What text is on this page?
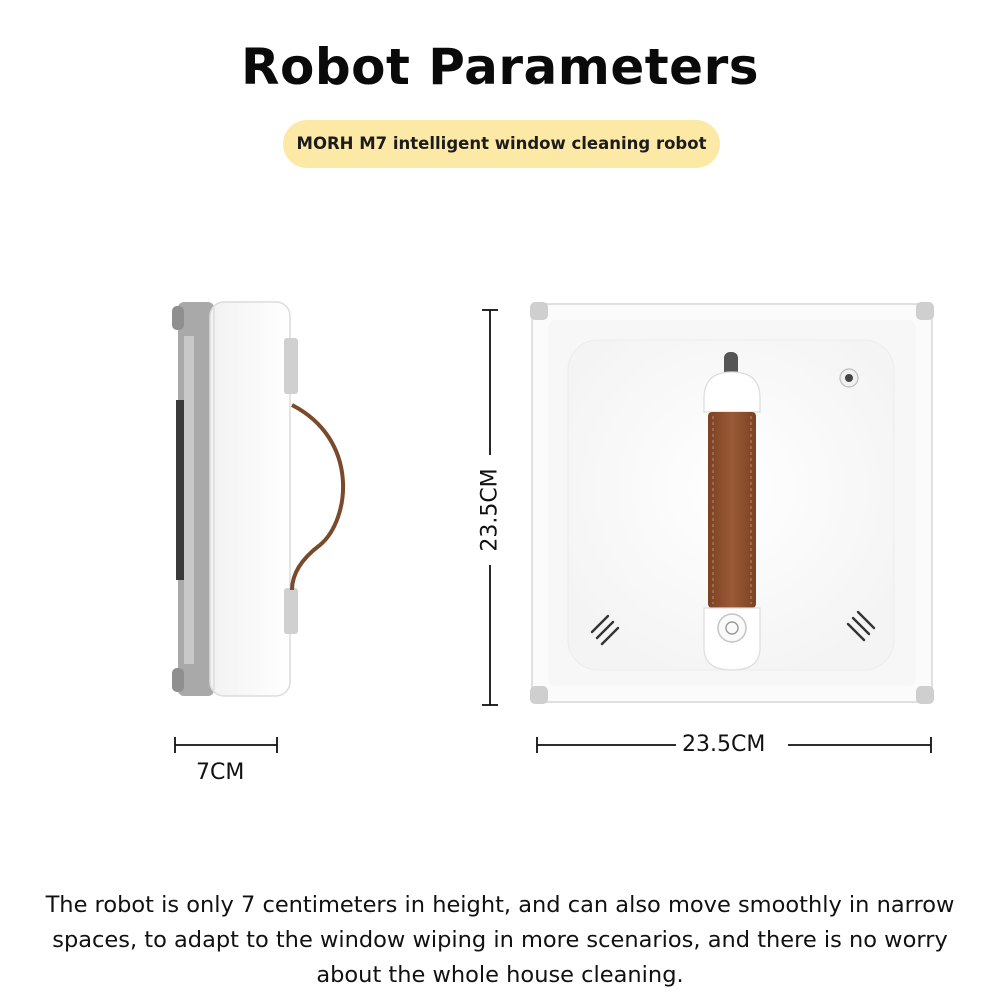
Robot Parameters
MORH M7 intelligent window cleaning robot
7CM
23.5CM
23.5CM
The robot is only 7 centimeters in height, and can also move smoothly in narrow spaces, to adapt to the window wiping in more scenarios, and there is no worry about the whole house cleaning.
